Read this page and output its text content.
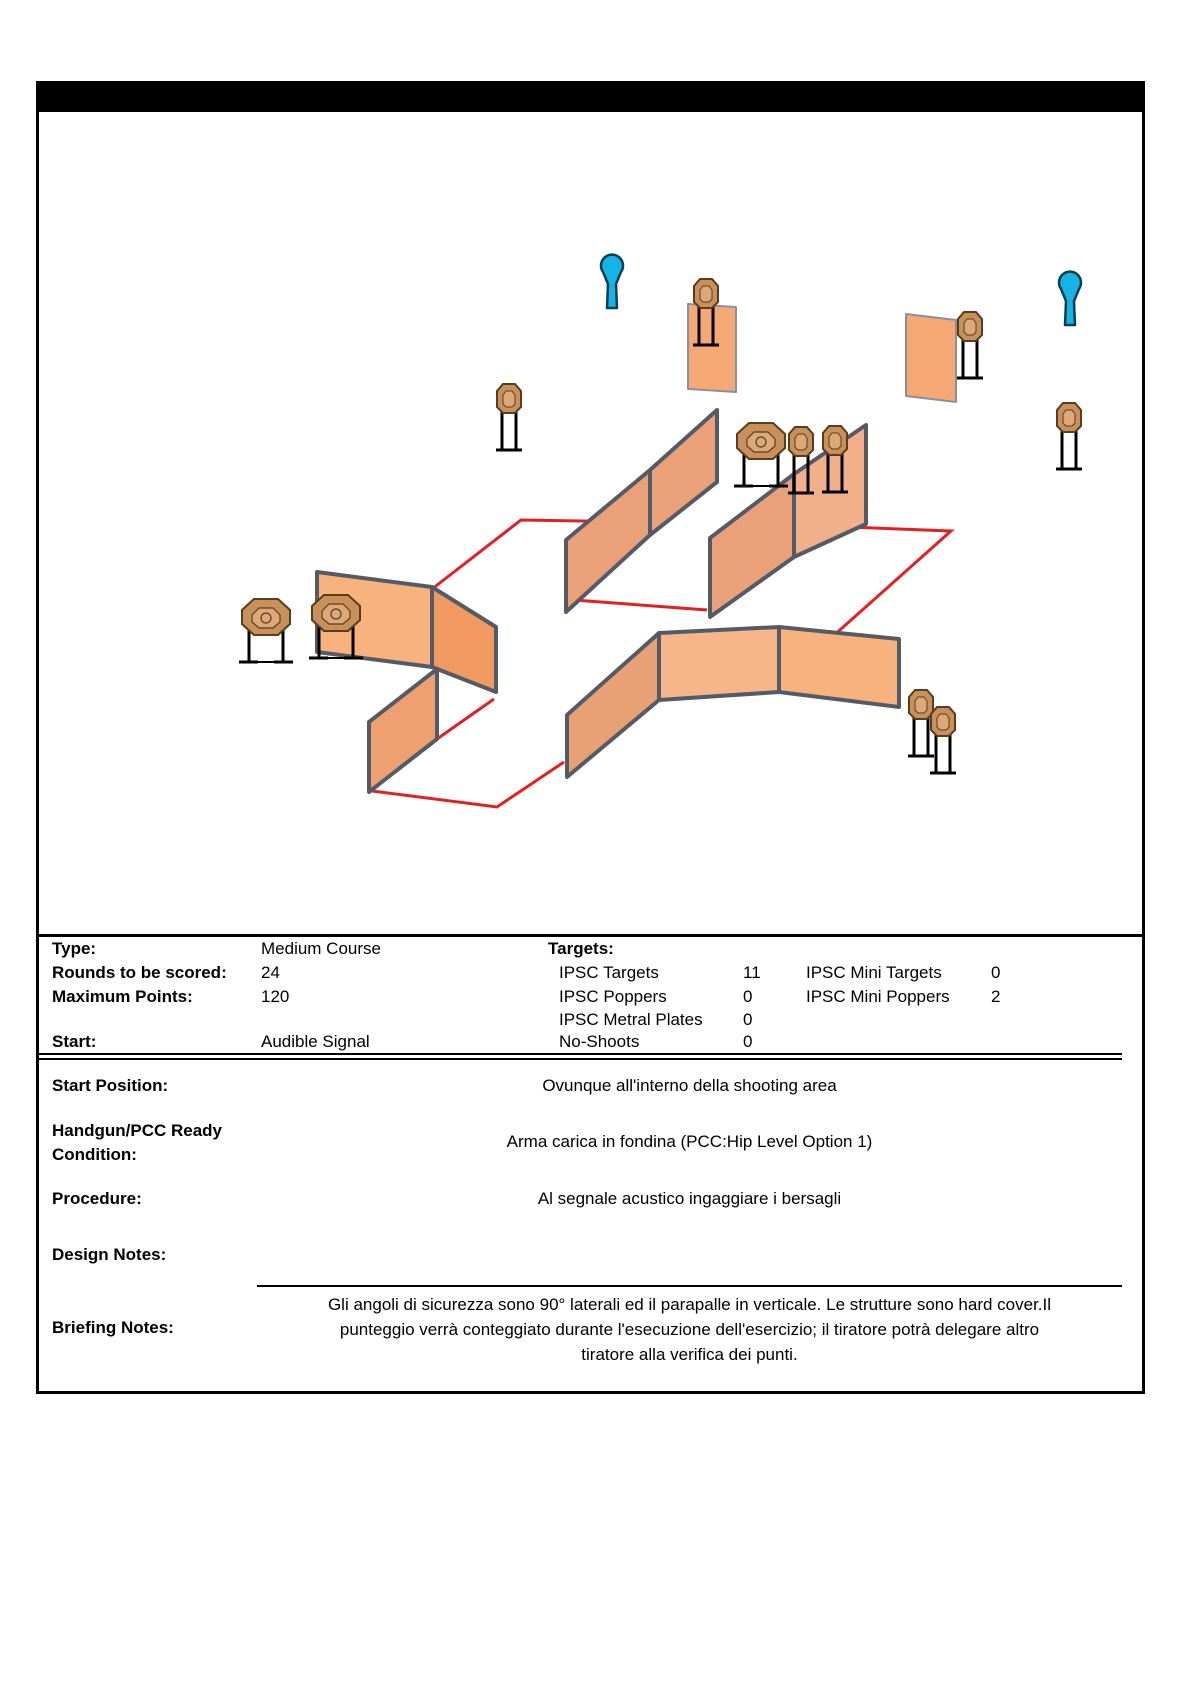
Type:	Medium Course
Rounds to be scored: 24
Maximum Points:	120
Start:	Audible Signal
Targets:
IPSC Targets	11
IPSC Poppers	0
IPSC Metral Plates 0
No-Shoots	0
IPSC Mini Targets	0
IPSC Mini Poppers 2
Start Position:	Ovunque all'interno della shooting area
Handgun/PCC Ready
Condition:
Arma carica in fondina (PCC:Hip Level Option 1)
Procedure:	Al segnale acustico ingaggiare i bersagli
Design Notes:
Briefing Notes:
Gli angoli di sicurezza sono 90° laterali ed il parapalle in verticale. Le strutture sono hard cover.Il
punteggio verrà conteggiato durante l'esecuzione dell'esercizio; il tiratore potrà delegare altro
tiratore alla verifica dei punti.
